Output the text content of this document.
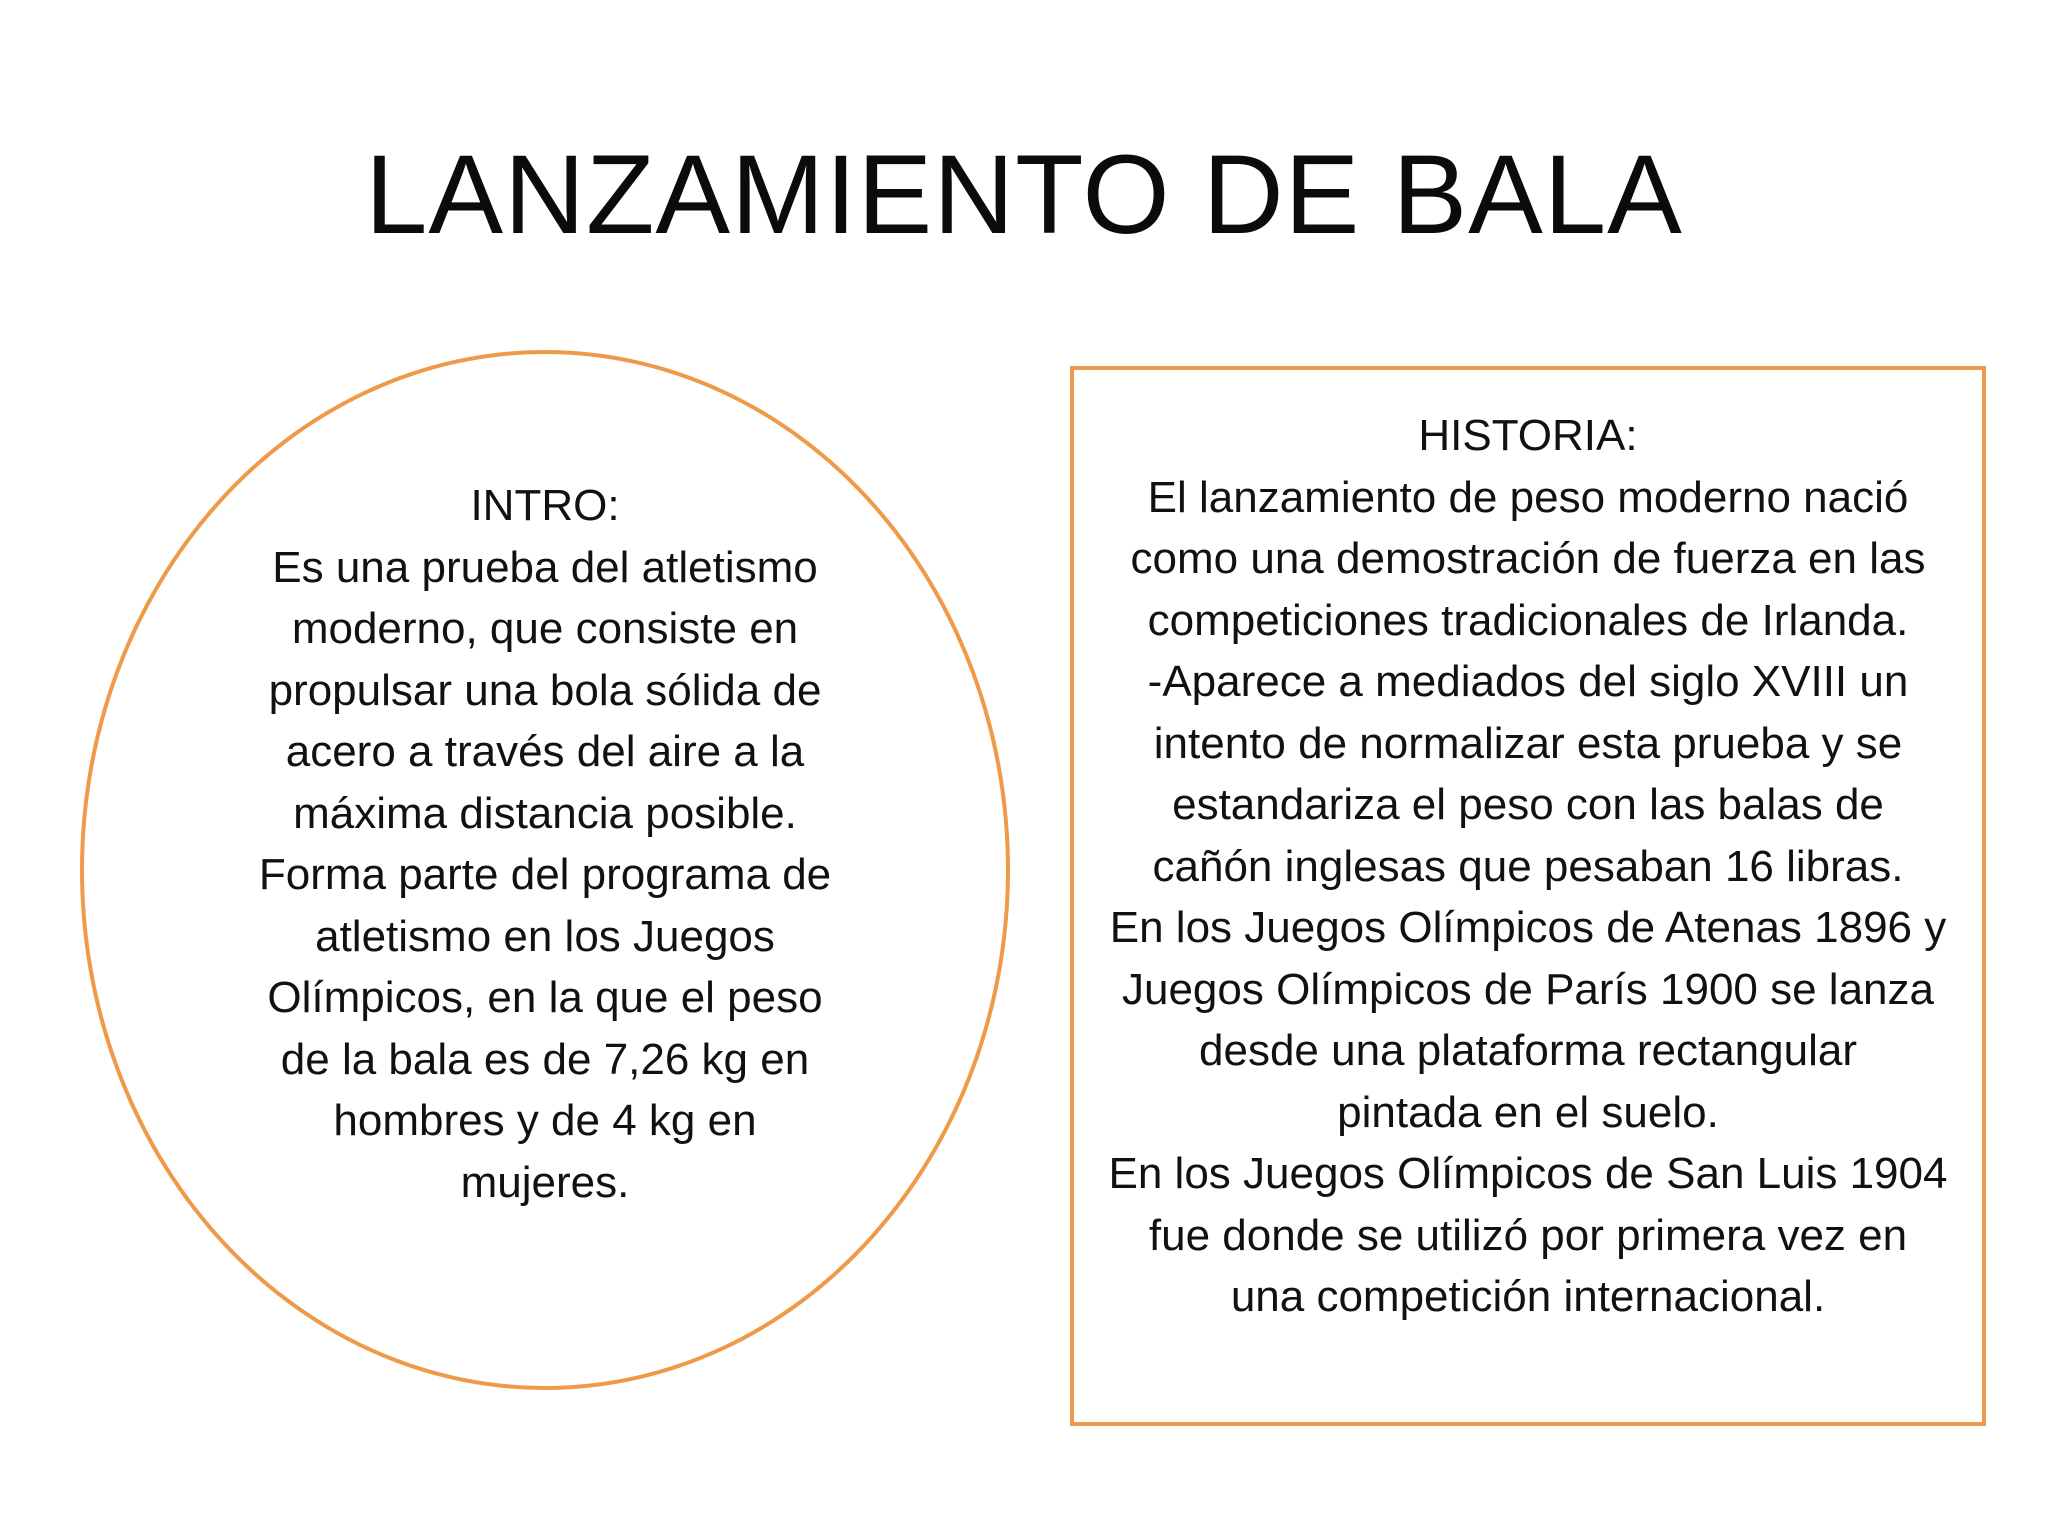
LANZAMIENTO DE BALA
INTRO:
Es una prueba del atletismo
moderno, que consiste en
propulsar una bola sólida de
acero a través del aire a la
máxima distancia posible.
Forma parte del programa de
atletismo en los Juegos
Olímpicos, en la que el peso
de la bala es de 7,26 kg en
hombres y de 4 kg en
mujeres.
HISTORIA:
El lanzamiento de peso moderno nació
como una demostración de fuerza en las
competiciones tradicionales de Irlanda.
-Aparece a mediados del siglo XVIII un
intento de normalizar esta prueba y se
estandariza el peso con las balas de
cañón inglesas que pesaban 16 libras.
En los Juegos Olímpicos de Atenas 1896 y
Juegos Olímpicos de París 1900 se lanza
desde una plataforma rectangular
pintada en el suelo.
En los Juegos Olímpicos de San Luis 1904
fue donde se utilizó por primera vez en
una competición internacional.
